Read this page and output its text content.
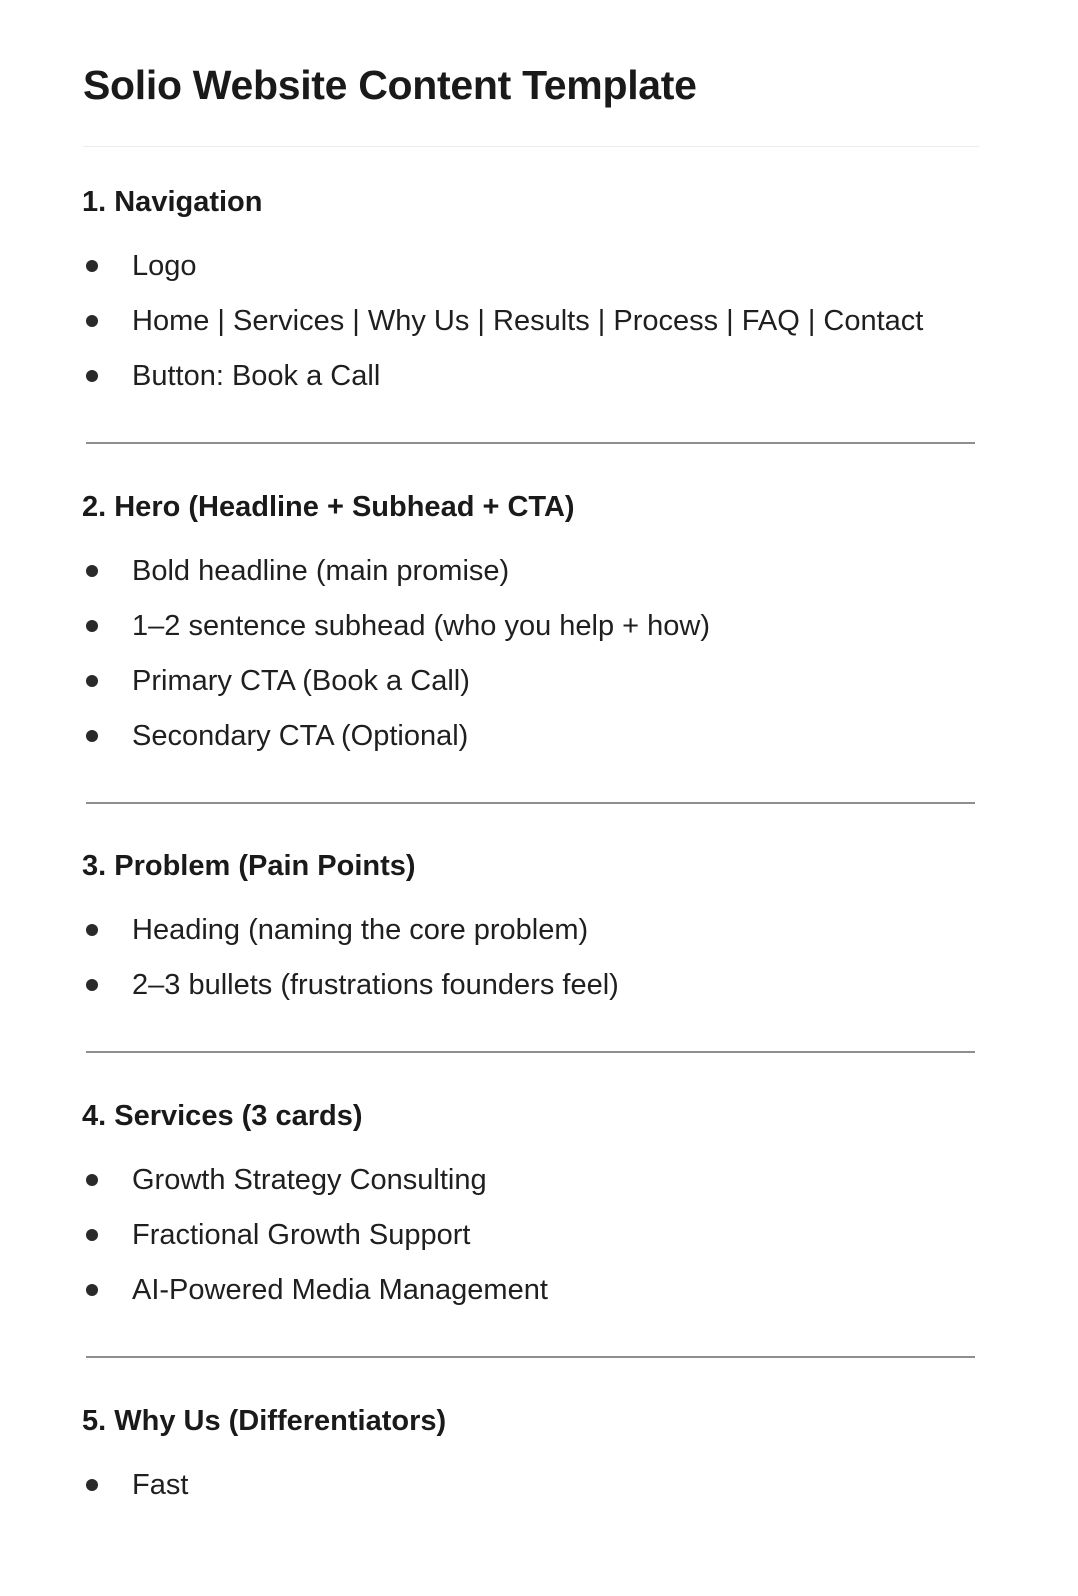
Solio Website Content Template
1. Navigation
Logo
Home | Services | Why Us | Results | Process | FAQ | Contact
Button: Book a Call
2. Hero (Headline + Subhead + CTA)
Bold headline (main promise)
1–2 sentence subhead (who you help + how)
Primary CTA (Book a Call)
Secondary CTA (Optional)
3. Problem (Pain Points)
Heading (naming the core problem)
2–3 bullets (frustrations founders feel)
4. Services (3 cards)
Growth Strategy Consulting
Fractional Growth Support
AI-Powered Media Management
5. Why Us (Differentiators)
Fast
